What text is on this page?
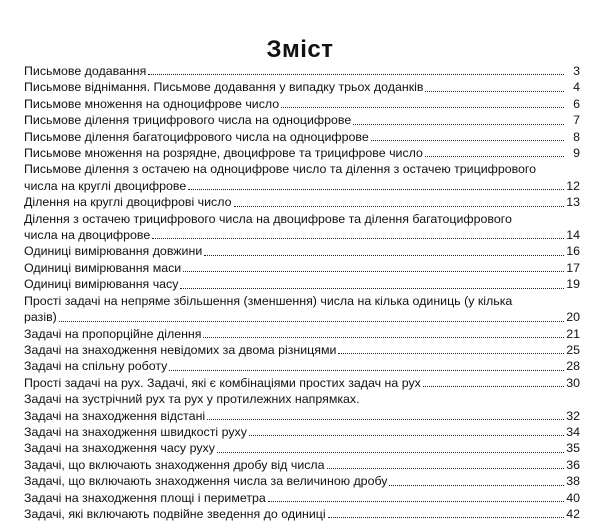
Зміст
Письмове додавання	3
Письмове віднімання. Письмове додавання у випадку трьох доданків	4
Письмове множення на одноцифрове число	6
Письмове ділення трицифрового числа на одноцифрове	7
Письмове ділення багатоцифрового числа на одноцифрове	8
Письмове множення на розрядне, двоцифрове та трицифрове число	9
Письмове ділення з остачею на одноцифрове число та ділення з остачею трицифрового
числа на круглі двоцифрове	12
Ділення на круглі двоцифрові число	13
Ділення з остачею трицифрового числа на двоцифрове та ділення багатоцифрового
числа на двоцифрове	14
Одиниці вимірювання довжини	16
Одиниці вимірювання маси	17
Одиниці вимірювання часу	19
Прості задачі на непряме збільшення (зменшення) числа на кілька одиниць (у кілька
разів)	20
Задачі на пропорційне ділення	21
Задачі на знаходження невідомих за двома різницями	25
Задачі на спільну роботу	28
Прості задачі на рух. Задачі, які є комбінаціями простих задач на рух	30
Задачі на зустрічний рух та рух у протилежних напрямках.
Задачі на знаходження відстані	32
Задачі на знаходження швидкості руху	34
Задачі на знаходження часу руху	35
Задачі, що включають знаходження дробу від числа	36
Задачі, що включають знаходження числа за величиною дробу	38
Задачі на знаходження площі і периметра	40
Задачі, які включають подвійне зведення до одиниці	42
